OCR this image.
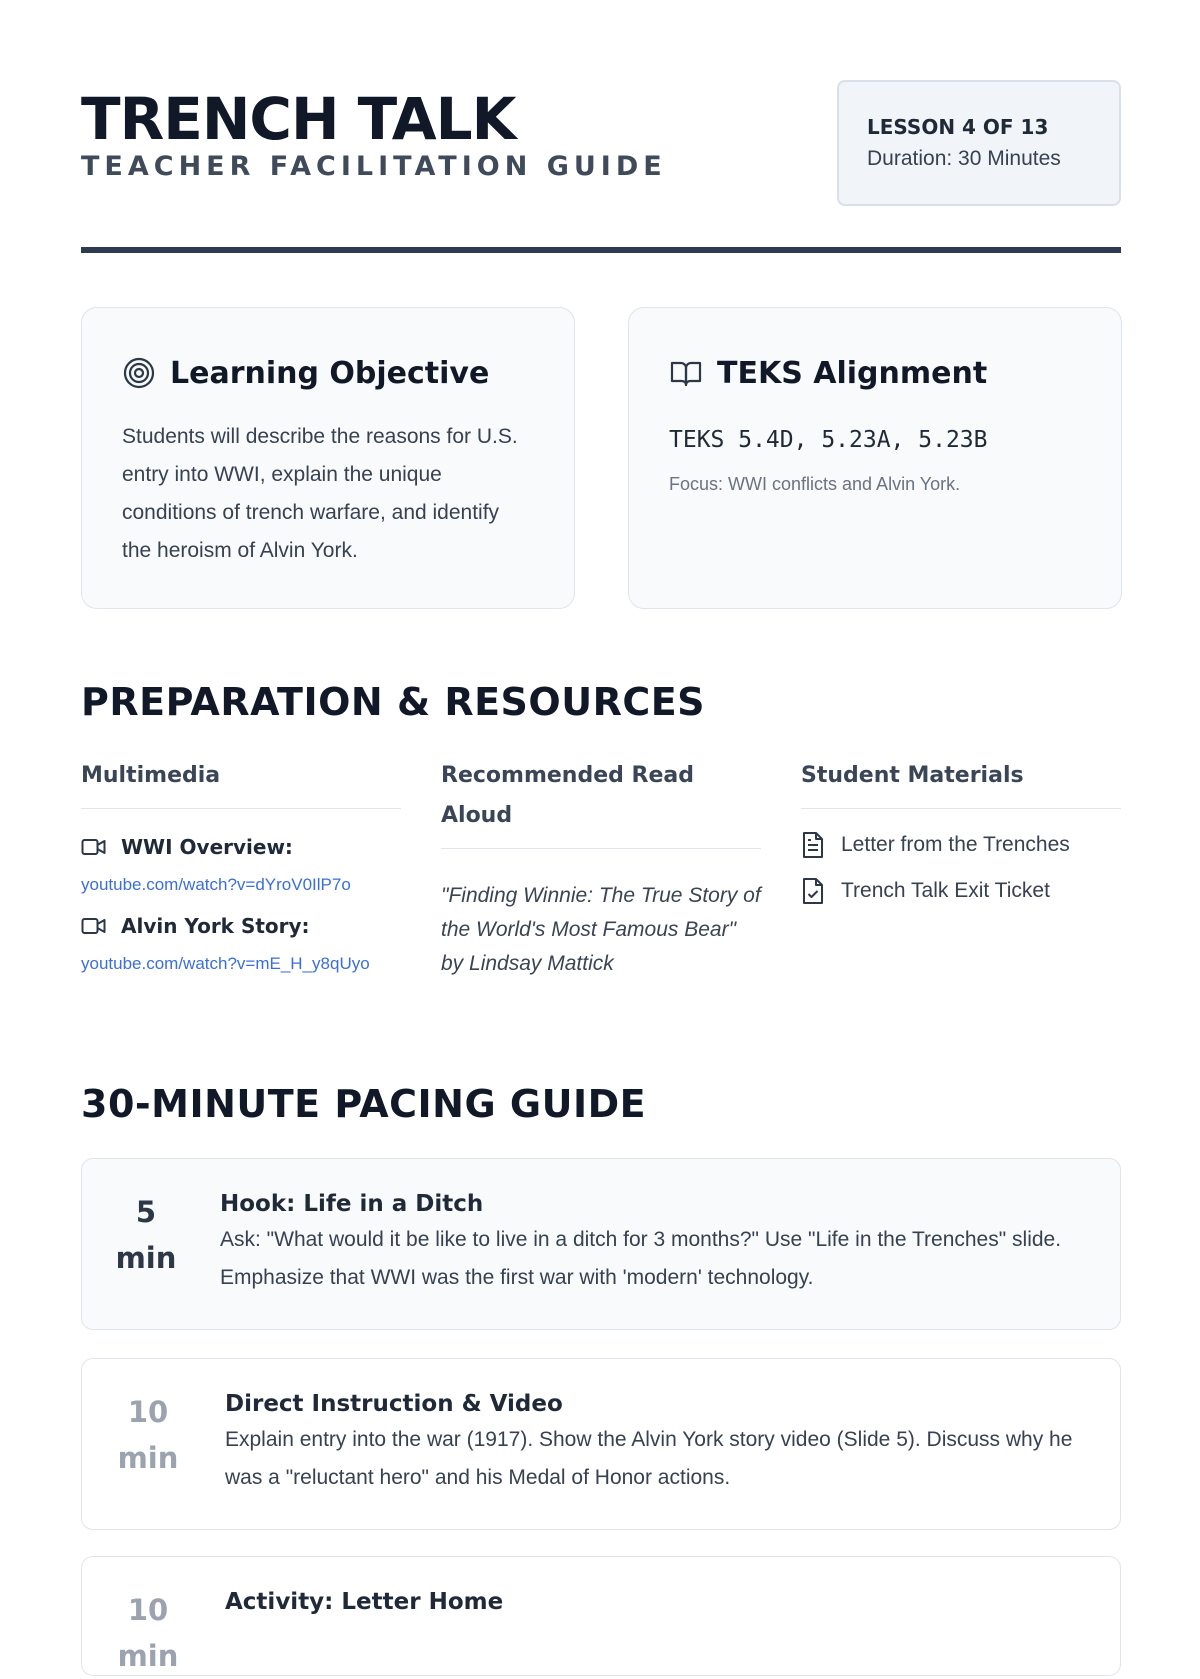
TRENCH TALK
TEACHER FACILITATION GUIDE
LESSON 4 OF 13
Duration: 30 Minutes
Learning Objective
Students will describe the reasons for U.S. entry into WWI, explain the unique conditions of trench warfare, and identify the heroism of Alvin York.
TEKS Alignment
TEKS 5.4D, 5.23A, 5.23B
Focus: WWI conflicts and Alvin York.
PREPARATION & RESOURCES
Multimedia
WWI Overview:
youtube.com/watch?v=dYroV0IlP7o
Alvin York Story:
youtube.com/watch?v=mE_H_y8qUyo
Recommended Read Aloud
"Finding Winnie: The True Story of the World's Most Famous Bear" by Lindsay Mattick
Student Materials
Letter from the Trenches
Trench Talk Exit Ticket
30-MINUTE PACING GUIDE
5
min
Hook: Life in a Ditch
Ask: "What would it be like to live in a ditch for 3 months?" Use "Life in the Trenches" slide. Emphasize that WWI was the first war with 'modern' technology.
10
min
Direct Instruction & Video
Explain entry into the war (1917). Show the Alvin York story video (Slide 5). Discuss why he was a "reluctant hero" and his Medal of Honor actions.
10
min
Activity: Letter Home
